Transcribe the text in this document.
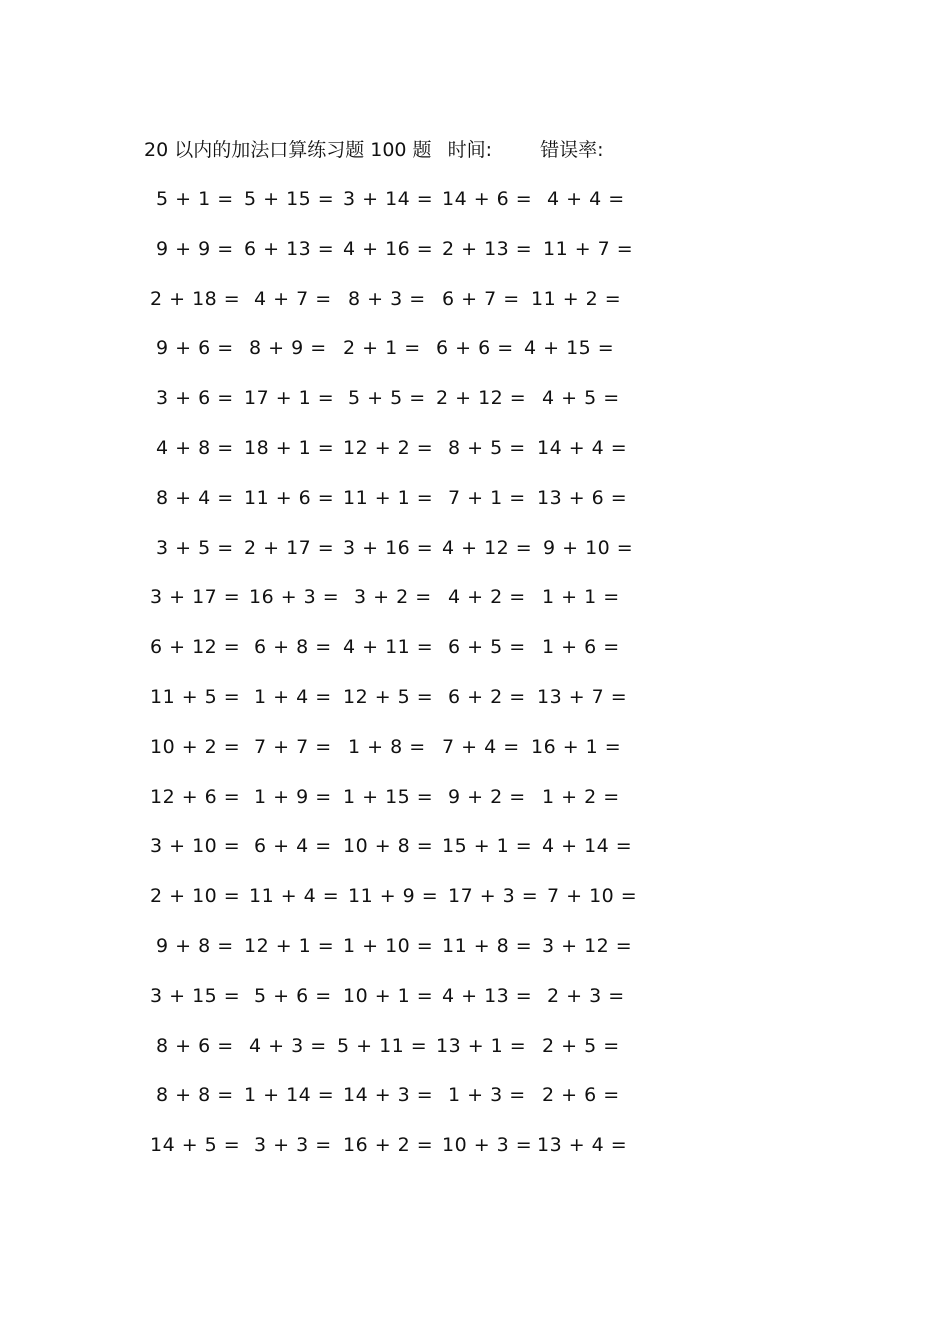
20 以内的加法口算练习题 100 题 时间:	错误率:
5 + 1 = 5 + 15 = 3 + 14 = 14 + 6 = 4 + 4 =
9 + 9 = 6 + 13 = 4 + 16 = 2 + 13 = 11 + 7 =
2 + 18 = 4 + 7 = 8 + 3 = 6 + 7 = 11 + 2 =
9 + 6 = 8 + 9 = 2 + 1 = 6 + 6 = 4 + 15 =
3 + 6 = 17 + 1 = 5 + 5 = 2 + 12 = 4 + 5 =
4 + 8 = 18 + 1 = 12 + 2 = 8 + 5 = 14 + 4 =
8 + 4 = 11 + 6 = 11 + 1 = 7 + 1 = 13 + 6 =
3 + 5 = 2 + 17 = 3 + 16 = 4 + 12 = 9 + 10 =
3 + 17 = 16 + 3 = 3 + 2 = 4 + 2 = 1 + 1 =
6 + 12 = 6 + 8 = 4 + 11 = 6 + 5 = 1 + 6 =
11 + 5 = 1 + 4 = 12 + 5 = 6 + 2 = 13 + 7 =
10 + 2 = 7 + 7 = 1 + 8 = 7 + 4 = 16 + 1 =
12 + 6 = 1 + 9 = 1 + 15 = 9 + 2 = 1 + 2 =
3 + 10 = 6 + 4 = 10 + 8 = 15 + 1 = 4 + 14 =
2 + 10 = 11 + 4 = 11 + 9 = 17 + 3 = 7 + 10 =
9 + 8 = 12 + 1 = 1 + 10 = 11 + 8 = 3 + 12 =
3 + 15 = 5 + 6 = 10 + 1 = 4 + 13 = 2 + 3 =
8 + 6 = 4 + 3 = 5 + 11 = 13 + 1 = 2 + 5 =
8 + 8 = 1 + 14 = 14 + 3 = 1 + 3 = 2 + 6 =
14 + 5 = 3 + 3 = 16 + 2 = 10 + 3 = 13 + 4 =
